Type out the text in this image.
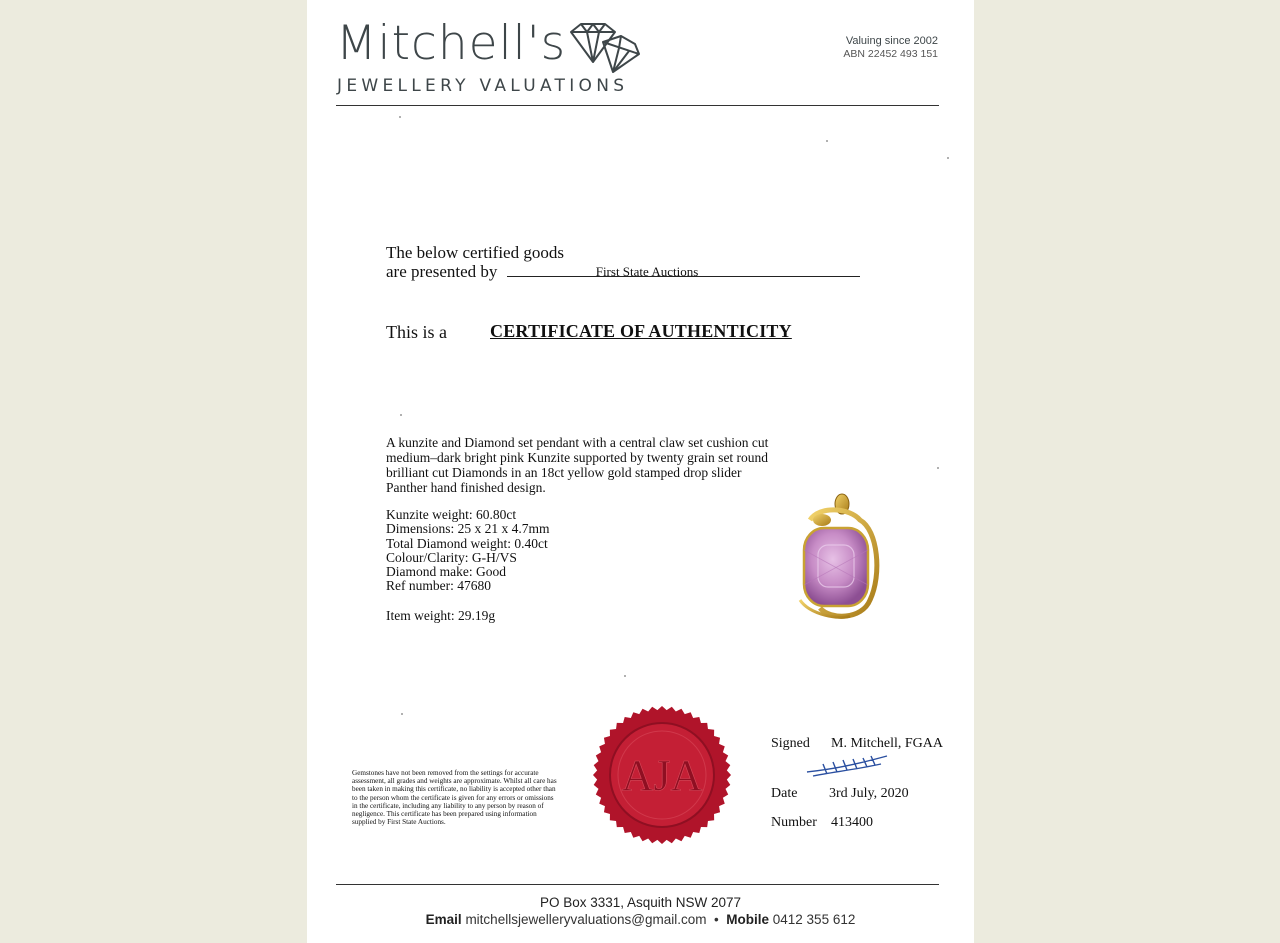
Mitchell's
JEWELLERY VALUATIONS
Valuing since 2002
ABN 22452 493 151
The below certified goods
are presented by	First State Auctions
This is a CERTIFICATE OF AUTHENTICITY
A kunzite and Diamond set pendant with a central claw set cushion cut medium–dark bright pink Kunzite supported by twenty grain set round brilliant cut Diamonds in an 18ct yellow gold stamped drop slider Panther hand finished design.
Kunzite weight: 60.80ct
Dimensions: 25 x 21 x 4.7mm
Total Diamond weight: 0.40ct
Colour/Clarity: G-H/VS
Diamond make: Good
Ref number: 47680
Item weight: 29.19g
Gemstones have not been removed from the settings for accurate assessment, all grades and weights are approximate. Whilst all care has been taken in making this certificate, no liability is accepted other than to the person whom the certificate is given for any errors or omissions in the certificate, including any liability to any person by reason of negligence. This certificate has been prepared using information supplied by First State Auctions.
AJA
Signed M. Mitchell, FGAA
Date 3rd July, 2020
Number 413400
PO Box 3331, Asquith NSW 2077
Email mitchellsjewelleryvaluations@gmail.com • Mobile 0412 355 612
